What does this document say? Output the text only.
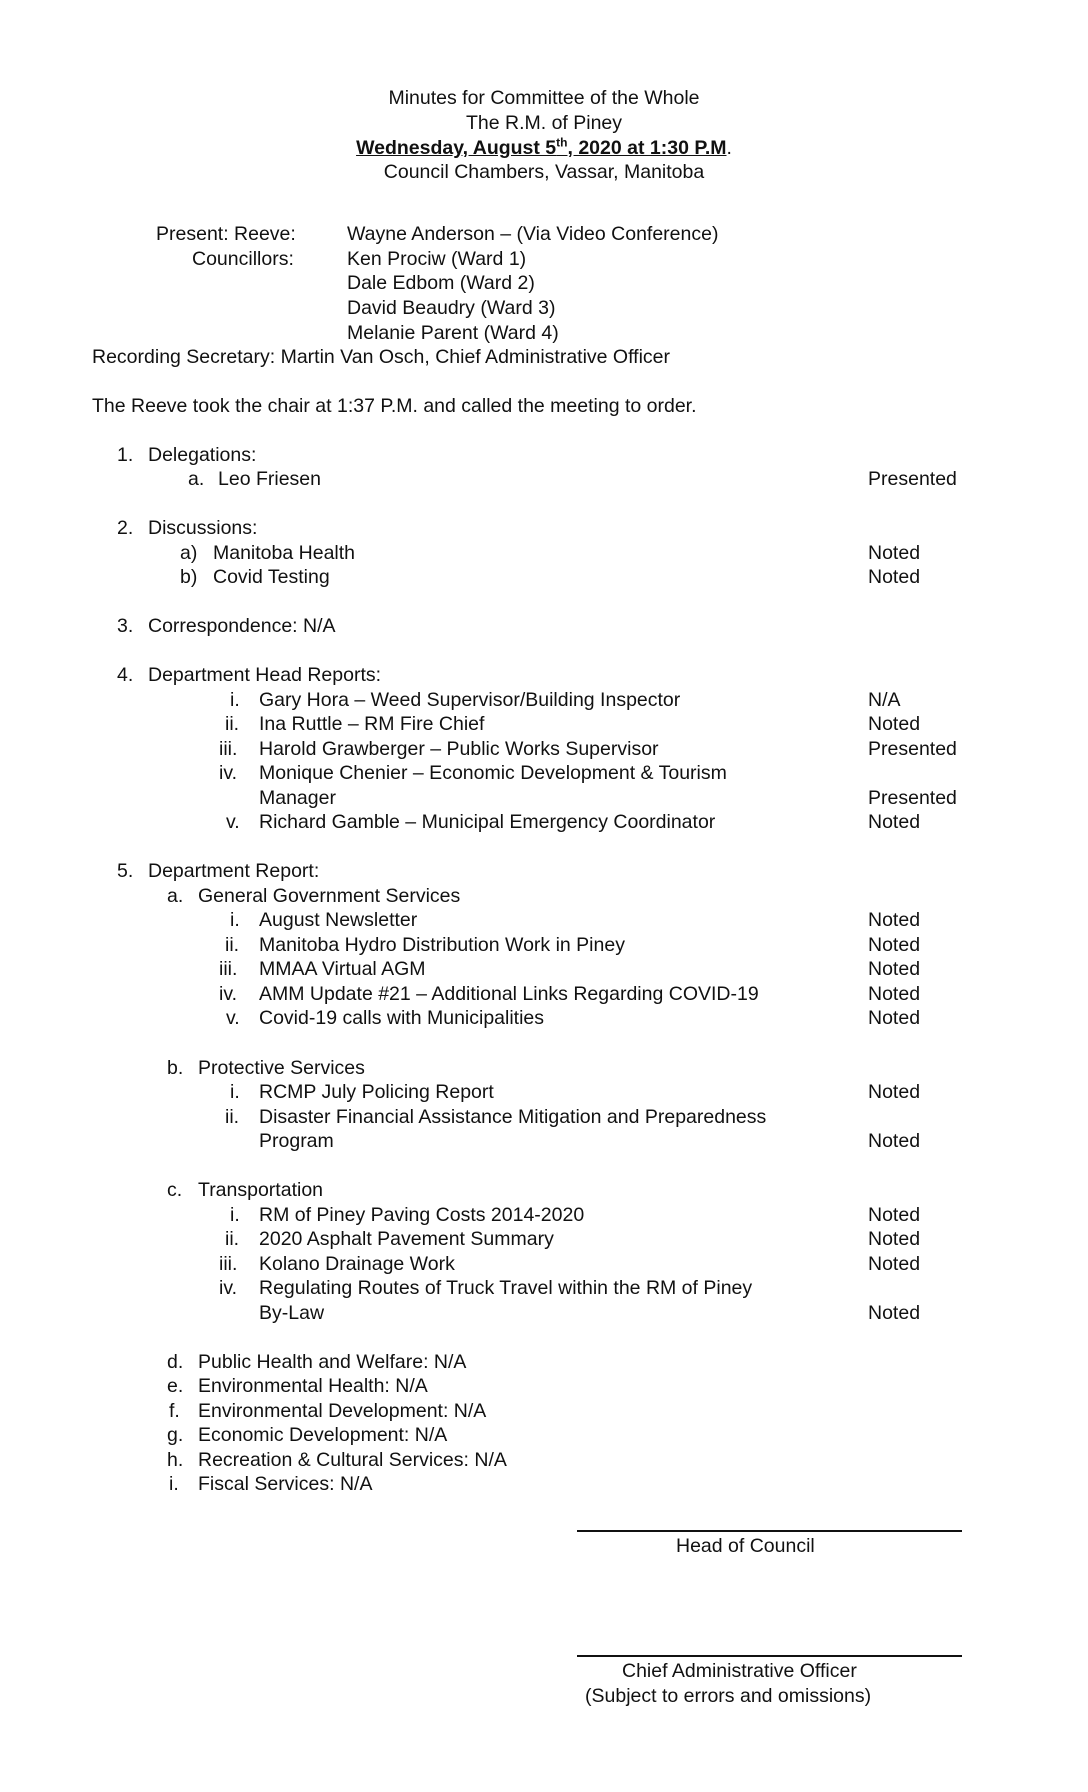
Minutes for Committee of the Whole
The R.M. of Piney
Wednesday, August 5th, 2020 at 1:30 P.M.
Council Chambers, Vassar, Manitoba
Present: Reeve:	Wayne Anderson – (Via Video Conference)
Councillors:	Ken Prociw (Ward 1)
Dale Edbom (Ward 2)
David Beaudry (Ward 3)
Melanie Parent (Ward 4)
Recording Secretary: Martin Van Osch, Chief Administrative Officer
The Reeve took the chair at 1:37 P.M. and called the meeting to order.
1. Delegations:
a. Leo Friesen	Presented
2. Discussions:
a) Manitoba Health	Noted
b) Covid Testing	Noted
3. Correspondence: N/A
4. Department Head Reports:
i. Gary Hora – Weed Supervisor/Building Inspector	N/A
ii. Ina Ruttle – RM Fire Chief	Noted
iii. Harold Grawberger – Public Works Supervisor	Presented
iv. Monique Chenier – Economic Development & Tourism
Manager	Presented
v. Richard Gamble – Municipal Emergency Coordinator	Noted
5. Department Report:
a. General Government Services
i. August Newsletter	Noted
ii. Manitoba Hydro Distribution Work in Piney	Noted
iii. MMAA Virtual AGM	Noted
iv. AMM Update #21 – Additional Links Regarding COVID-19	Noted
v. Covid-19 calls with Municipalities	Noted
b. Protective Services
i. RCMP July Policing Report	Noted
ii. Disaster Financial Assistance Mitigation and Preparedness
Program	Noted
c. Transportation
i. RM of Piney Paving Costs 2014-2020	Noted
ii. 2020 Asphalt Pavement Summary	Noted
iii. Kolano Drainage Work	Noted
iv. Regulating Routes of Truck Travel within the RM of Piney
By-Law	Noted
d. Public Health and Welfare: N/A
e. Environmental Health: N/A
f. Environmental Development: N/A
g. Economic Development: N/A
h. Recreation & Cultural Services: N/A
i. Fiscal Services: N/A
Head of Council
Chief Administrative Officer
(Subject to errors and omissions)
